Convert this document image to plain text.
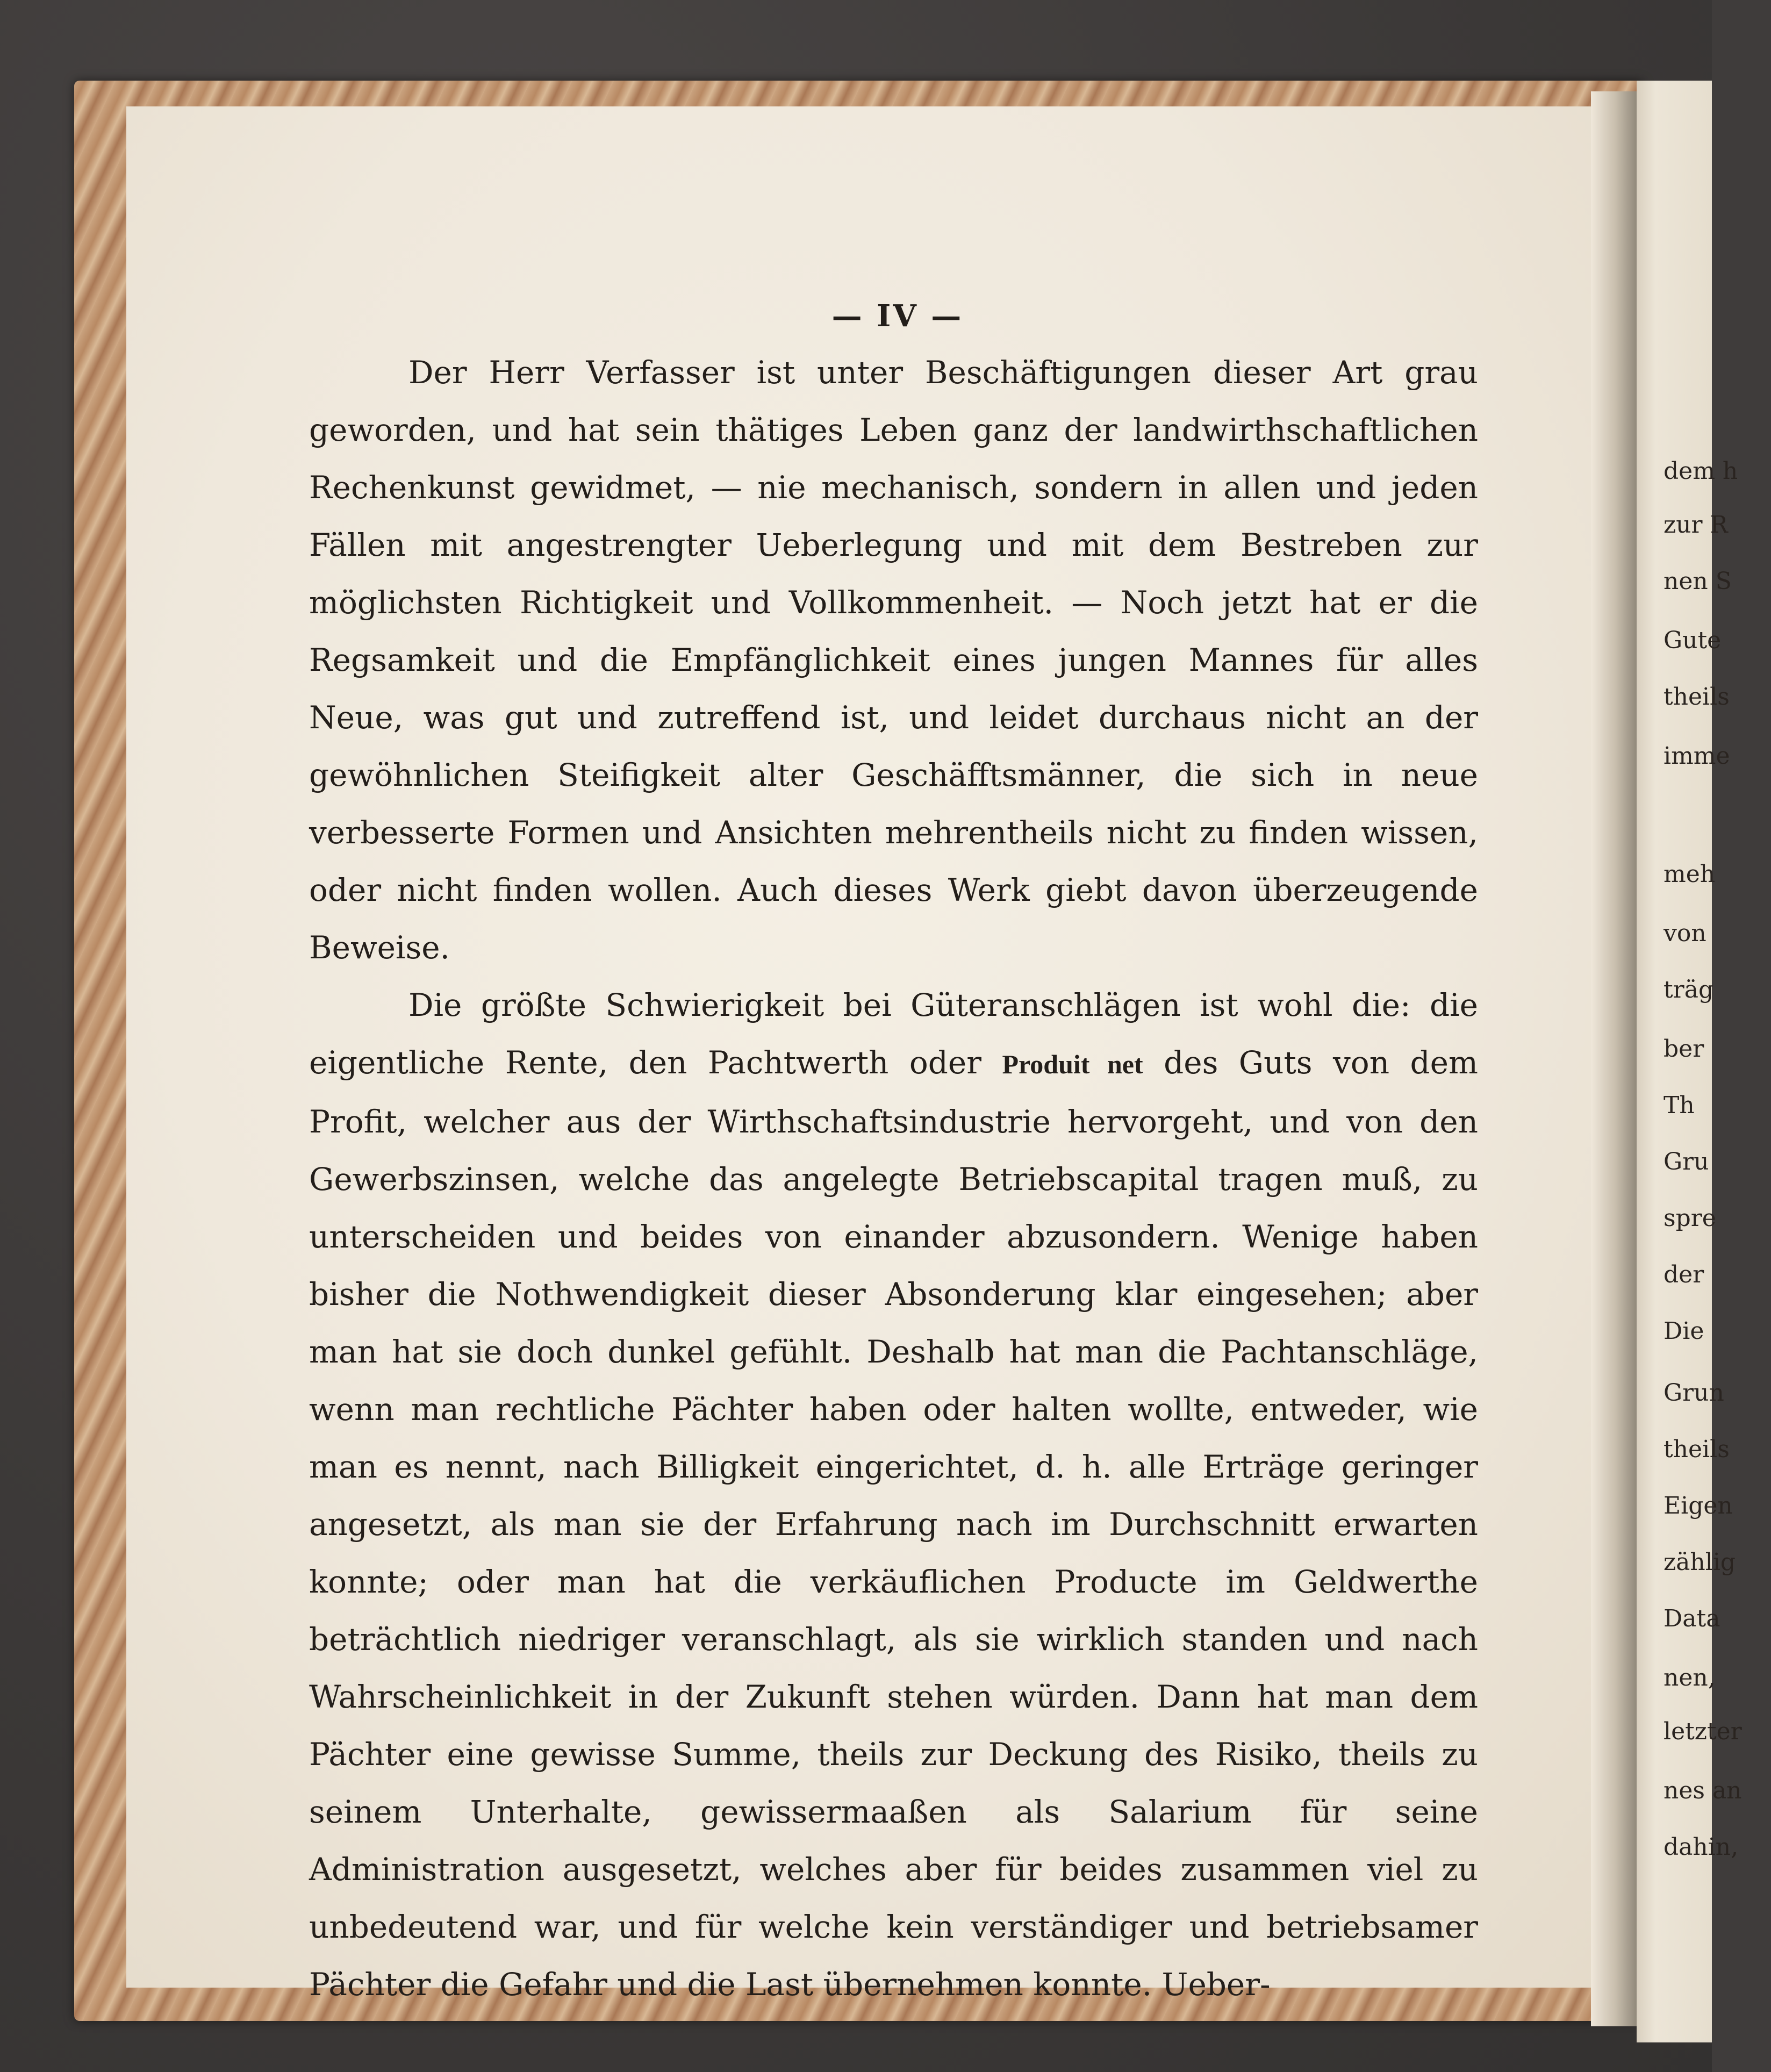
dem h
zur R
nen S
Gute
theils
imme
meh
von
träg
ber
Th
Gru
spre
der
Die
Grun
theils
Eigen
zählig
Data
nen,
letzter
nes an
dahin,
— IV —

Der Herr Verfasser ist unter Beschäftigungen dieser Art grau geworden, und hat sein thätiges Leben ganz der landwirthschaftlichen Rechenkunst gewidmet, — nie mechanisch, sondern in allen und jeden Fällen mit angestrengter Ueberlegung und mit dem Bestreben zur möglichsten Richtigkeit und Vollkommenheit. — Noch jetzt hat er die Regsamkeit und die Empfänglichkeit eines jungen Mannes für alles Neue, was gut und zutreffend ist, und leidet durchaus nicht an der gewöhnlichen Steifigkeit alter Geschäfftsmänner, die sich in neue verbesserte Formen und Ansichten mehrentheils nicht zu finden wissen, oder nicht finden wollen. Auch dieses Werk giebt davon überzeugende Beweise.

Die größte Schwierigkeit bei Güteranschlägen ist wohl die: die eigentliche Rente, den Pachtwerth oder Produit net des Guts von dem Profit, welcher aus der Wirthschaftsindustrie hervorgeht, und von den Gewerbszinsen, welche das angelegte Betriebscapital tragen muß, zu unterscheiden und beides von einander abzusondern. Wenige haben bisher die Nothwendigkeit dieser Absonderung klar eingesehen; aber man hat sie doch dunkel gefühlt. Deshalb hat man die Pachtanschläge, wenn man rechtliche Pächter haben oder halten wollte, entweder, wie man es nennt, nach Billigkeit eingerichtet, d. h. alle Erträge geringer angesetzt, als man sie der Erfahrung nach im Durchschnitt erwarten konnte; oder man hat die verkäuflichen Producte im Geldwerthe beträchtlich niedriger veranschlagt, als sie wirklich standen und nach Wahrscheinlichkeit in der Zukunft stehen würden. Dann hat man dem Pächter eine gewisse Summe, theils zur Deckung des Risiko, theils zu seinem Unterhalte, gewissermaaßen als Salarium für seine Administration ausgesetzt, welches aber für beides zusammen viel zu unbedeutend war, und für welche kein verständiger und betriebsamer Pächter die Gefahr und die Last übernehmen konnte. Ueber-
